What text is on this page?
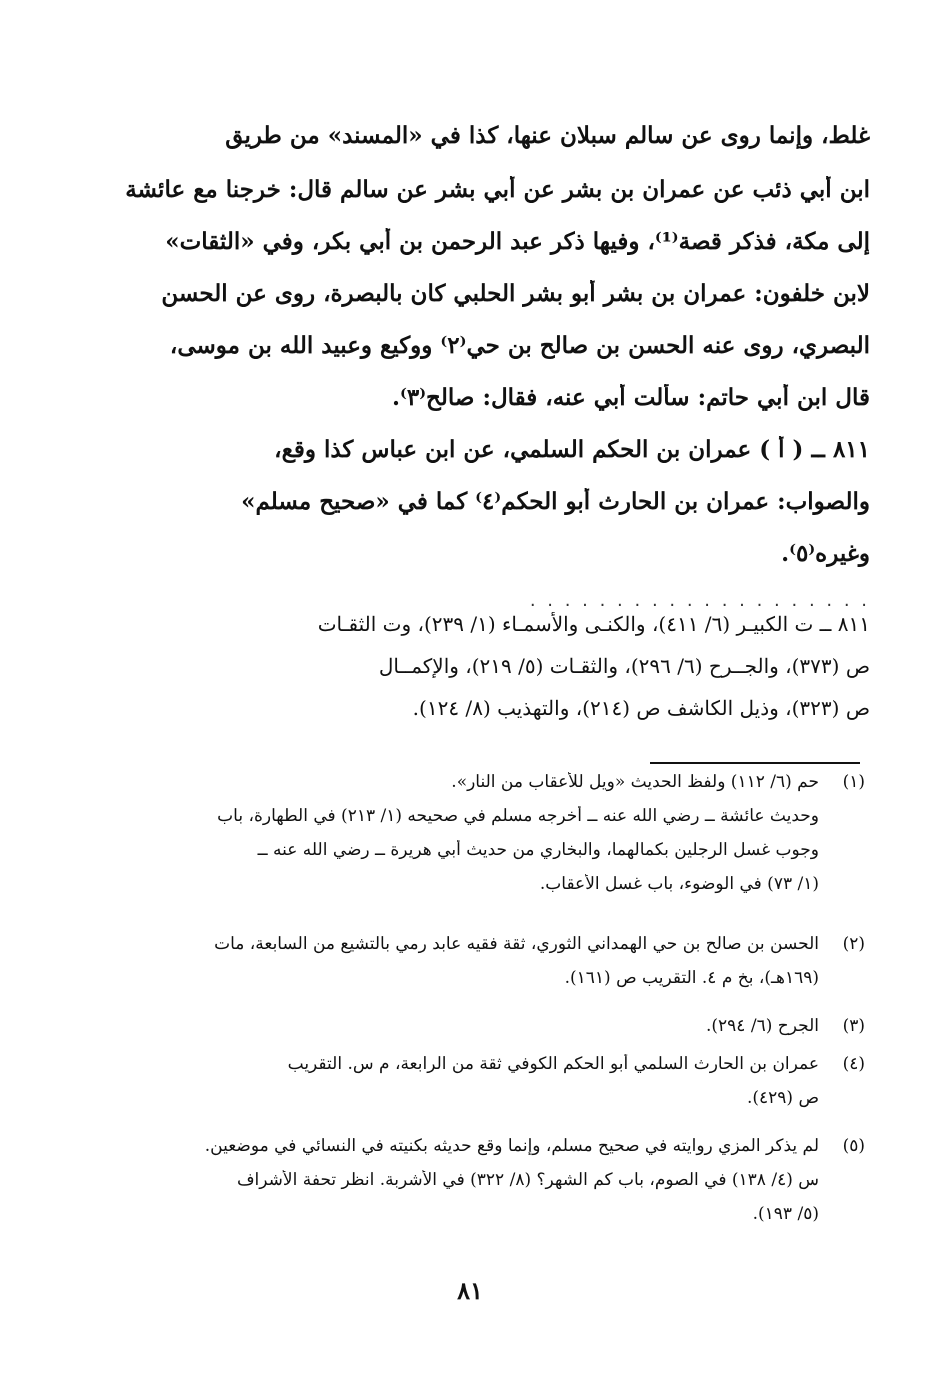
غلط، وإنما روى عن سالم سبلان عنها، كذا في «المسند» من طريق
ابن أبي ذئب عن عمران بن بشر عن أبي بشر عن سالم قال: خرجنا مع عائشة
إلى مكة، فذكر قصة⁽¹⁾، وفيها ذكر عبد الرحمن بن أبي بكر، وفي «الثقات»
لابن خلفون: عمران بن بشر أبو بشر الحلبي كان بالبصرة، روى عن الحسن
البصري، روى عنه الحسن بن صالح بن حي⁽٢⁾ ووكيع وعبيد الله بن موسى،
قال ابن أبي حاتم: سألت أبي عنه، فقال: صالح⁽٣⁾.
٨١١ ــ ( أ ) عمران بن الحكم السلمي، عن ابن عباس كذا وقع،
والصواب: عمران بن الحارث أبو الحكم⁽٤⁾ كما في «صحيح مسلم»
وغيره⁽٥⁾.
. . . . . . . . . . . . . . . . . . . .
٨١١ ــ ت الكبيـر (٦/ ٤١١)، والكنـى والأسمـاء (١/ ٢٣٩)، وت الثقـات
ص (٣٧٣)، والجــرح (٦/ ٢٩٦)، والثقـات (٥/ ٢١٩)، والإكمــال
ص (٣٢٣)، وذيل الكاشف ص (٢١٤)، والتهذيب (٨/ ١٢٤).
(١)
حم (٦/ ١١٢) ولفظ الحديث «ويل للأعقاب من النار».
وحديث عائشة ــ رضي الله عنه ــ أخرجه مسلم في صحيحه (١/ ٢١٣) في الطهارة، باب
وجوب غسل الرجلين بكمالهما، والبخاري من حديث أبي هريرة ــ رضي الله عنه ــ
(١/ ٧٣) في الوضوء، باب غسل الأعقاب.
(٢)
الحسن بن صالح بن حي الهمداني الثوري، ثقة فقيه عابد رمي بالتشيع من السابعة، مات
(١٦٩هـ)، بخ م ٤. التقريب ص (١٦١).
(٣)
الجرح (٦/ ٢٩٤).
(٤)
عمران بن الحارث السلمي أبو الحكم الكوفي ثقة من الرابعة، م س. التقريب
ص (٤٢٩).
(٥)
لم يذكر المزي روايته في صحيح مسلم، وإنما وقع حديثه بكنيته في النسائي في موضعين.
س (٤/ ١٣٨) في الصوم، باب كم الشهر؟ (٨/ ٣٢٢) في الأشربة. انظر تحفة الأشراف
(٥/ ١٩٣).
٨١
